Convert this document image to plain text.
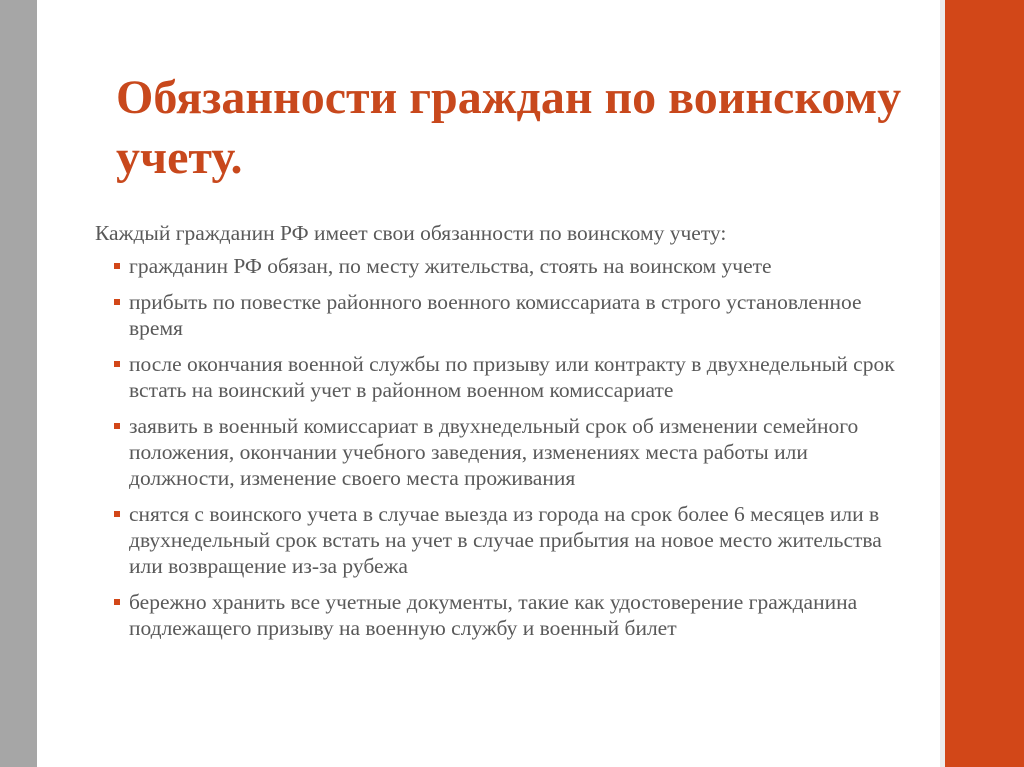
Обязанности граждан по воинскому учету.

Каждый гражданин РФ имеет свои обязанности по воинскому учету:

гражданин РФ обязан, по месту жительства, стоять на воинском учете
прибыть по повестке районного военного комиссариата в строго установленное время
после окончания военной службы по призыву или контракту в двухнедельный срок встать на воинский учет в районном военном комиссариате
заявить в военный комиссариат в двухнедельный срок об изменении семейного положения, окончании учебного заведения, изменениях места работы или должности, изменение своего места проживания
снятся с воинского учета в случае выезда из города на срок более 6 месяцев или в двухнедельный срок встать на учет в случае прибытия на новое место жительства или возвращение из-за рубежа
бережно хранить все учетные документы, такие как удостоверение гражданина подлежащего призыву на военную службу и военный билет
